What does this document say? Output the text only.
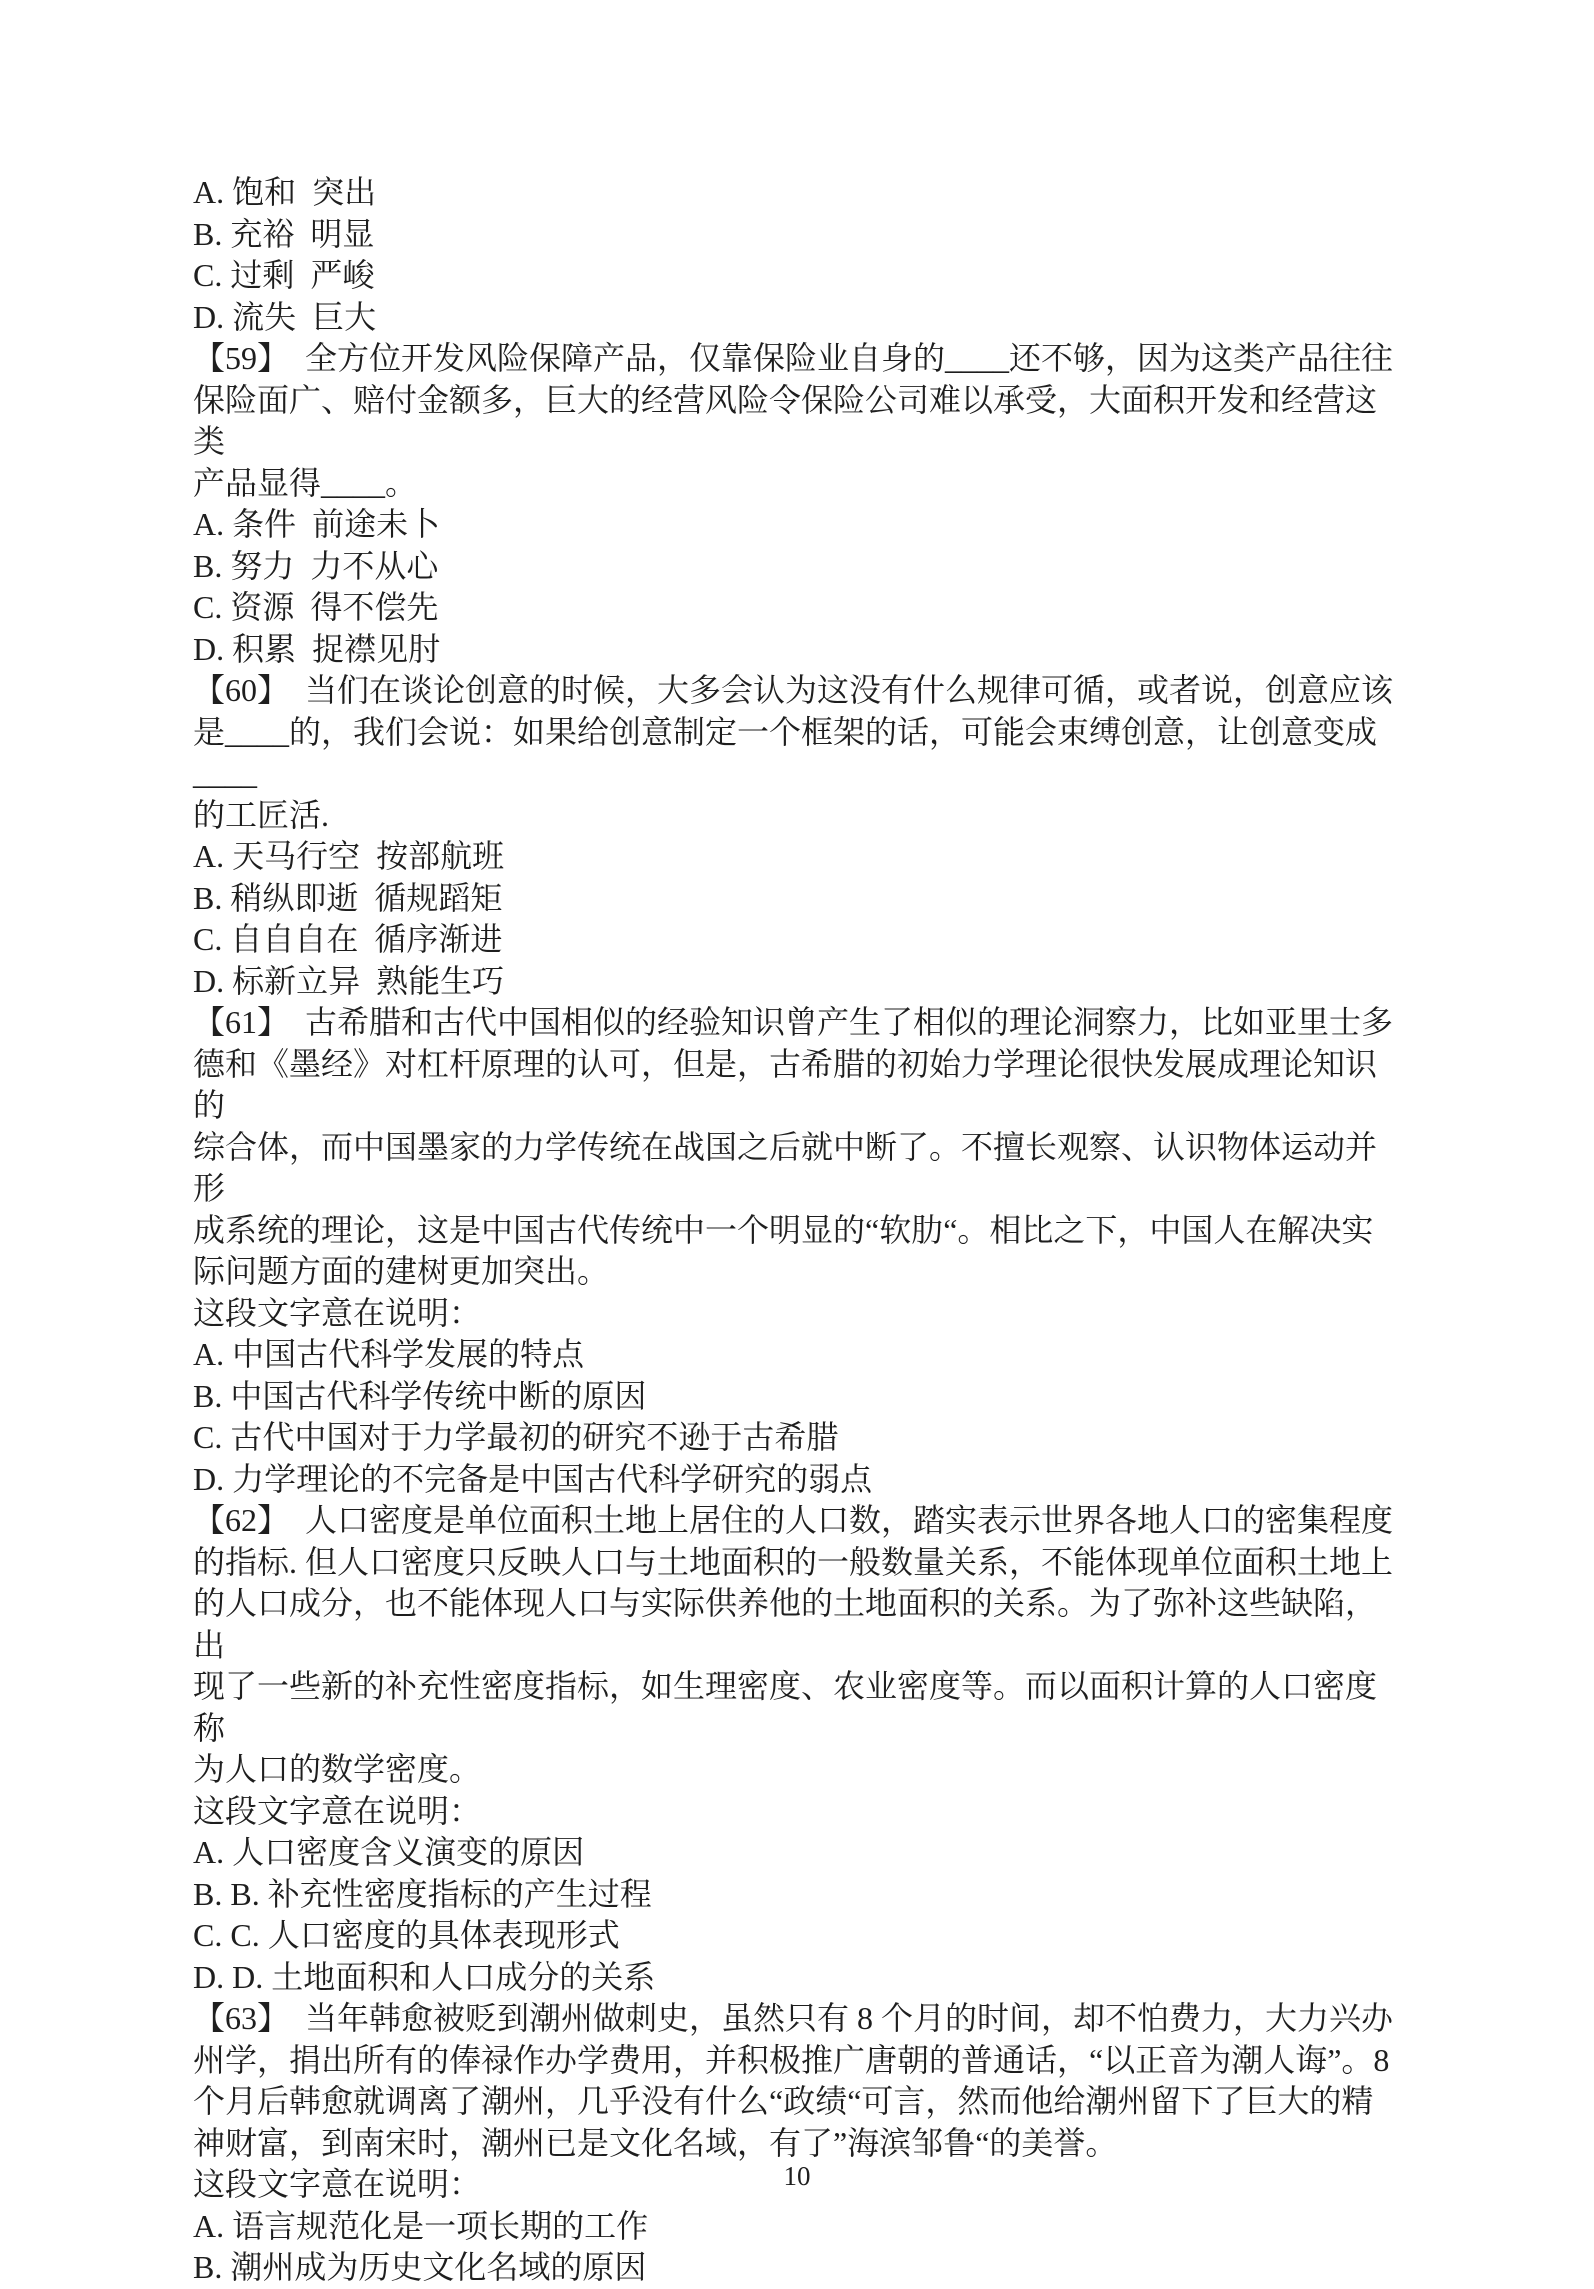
A. 饱和  突出
B. 充裕  明显
C. 过剩  严峻
D. 流失  巨大
【59】  全方位开发风险保障产品，仅靠保险业自身的____还不够，因为这类产品往往
保险面广、赔付金额多，巨大的经营风险令保险公司难以承受，大面积开发和经营这类
产品显得____。
A. 条件  前途未卜
B. 努力  力不从心
C. 资源  得不偿先
D. 积累  捉襟见肘
【60】  当们在谈论创意的时候，大多会认为这没有什么规律可循，或者说，创意应该
是____的，我们会说：如果给创意制定一个框架的话，可能会束缚创意，让创意变成____
的工匠活.
A. 天马行空  按部航班
B. 稍纵即逝  循规蹈矩
C. 自自自在  循序渐进
D. 标新立异  熟能生巧
【61】  古希腊和古代中国相似的经验知识曾产生了相似的理论洞察力，比如亚里士多
德和《墨经》对杠杆原理的认可，但是，古希腊的初始力学理论很快发展成理论知识的
综合体，而中国墨家的力学传统在战国之后就中断了。不擅长观察、认识物体运动并形
成系统的理论，这是中国古代传统中一个明显的“软肋“。相比之下，中国人在解决实
际问题方面的建树更加突出。
这段文字意在说明：
A. 中国古代科学发展的特点
B. 中国古代科学传统中断的原因
C. 古代中国对于力学最初的研究不逊于古希腊
D. 力学理论的不完备是中国古代科学研究的弱点
【62】  人口密度是单位面积土地上居住的人口数，踏实表示世界各地人口的密集程度
的指标. 但人口密度只反映人口与土地面积的一般数量关系，不能体现单位面积土地上
的人口成分，也不能体现人口与实际供养他的土地面积的关系。为了弥补这些缺陷，出
现了一些新的补充性密度指标，如生理密度、农业密度等。而以面积计算的人口密度称
为人口的数学密度。
这段文字意在说明：
A. 人口密度含义演变的原因
B. B. 补充性密度指标的产生过程
C. C. 人口密度的具体表现形式
D. D. 土地面积和人口成分的关系
【63】  当年韩愈被贬到潮州做刺史，虽然只有 8 个月的时间，却不怕费力，大力兴办
州学，捐出所有的俸禄作办学费用，并积极推广唐朝的普通话，“以正音为潮人诲”。8
个月后韩愈就调离了潮州，几乎没有什么“政绩“可言，然而他给潮州留下了巨大的精
神财富，到南宋时，潮州已是文化名域，有了”海滨邹鲁“的美誉。
这段文字意在说明：
A. 语言规范化是一项长期的工作
B. 潮州成为历史文化名域的原因
10
